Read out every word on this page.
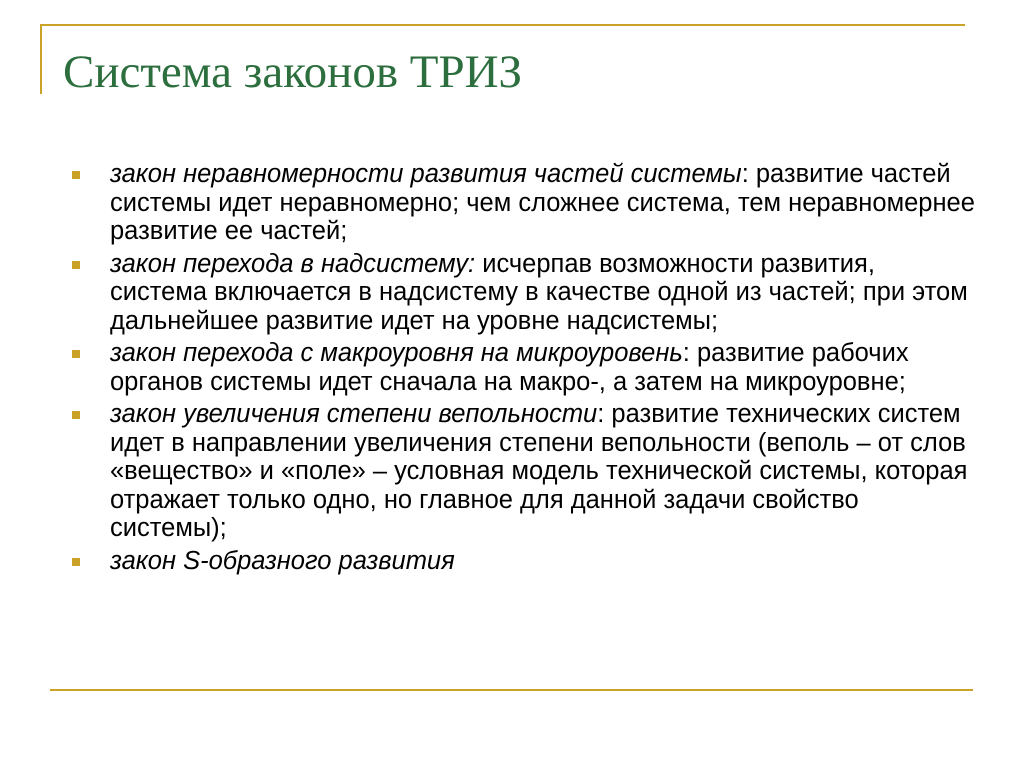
Система законов ТРИЗ
закон неравномерности развития частей системы: развитие частей системы идет неравномерно; чем сложнее система, тем неравномернее развитие ее частей;
закон перехода в надсистему: исчерпав возможности развития, система включается в надсистему в качестве одной из частей; при этом дальнейшее развитие идет на уровне надсистемы;
закон перехода с макроуровня на микроуровень: развитие рабочих органов системы идет сначала на макро-, а затем на микроуровне;
закон увеличения степени вепольности: развитие технических систем идет в направлении увеличения степени вепольности (веполь – от слов «вещество» и «поле» – условная модель технической системы, которая отражает только одно, но главное для данной задачи свойство системы);
закон S-образного развития
